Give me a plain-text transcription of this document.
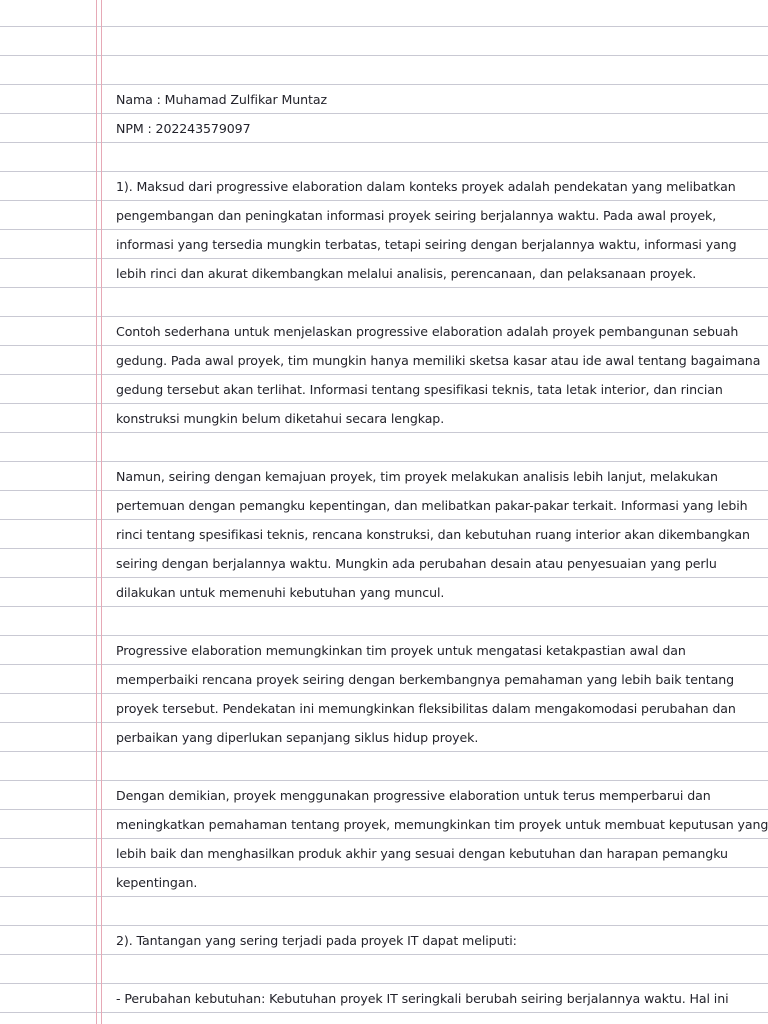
Nama : Muhamad Zulfikar Muntaz
NPM : 202243579097
1). Maksud dari progressive elaboration dalam konteks proyek adalah pendekatan yang melibatkan
pengembangan dan peningkatan informasi proyek seiring berjalannya waktu. Pada awal proyek,
informasi yang tersedia mungkin terbatas, tetapi seiring dengan berjalannya waktu, informasi yang
lebih rinci dan akurat dikembangkan melalui analisis, perencanaan, dan pelaksanaan proyek.
Contoh sederhana untuk menjelaskan progressive elaboration adalah proyek pembangunan sebuah
gedung. Pada awal proyek, tim mungkin hanya memiliki sketsa kasar atau ide awal tentang bagaimana
gedung tersebut akan terlihat. Informasi tentang spesifikasi teknis, tata letak interior, dan rincian
konstruksi mungkin belum diketahui secara lengkap.
Namun, seiring dengan kemajuan proyek, tim proyek melakukan analisis lebih lanjut, melakukan
pertemuan dengan pemangku kepentingan, dan melibatkan pakar-pakar terkait. Informasi yang lebih
rinci tentang spesifikasi teknis, rencana konstruksi, dan kebutuhan ruang interior akan dikembangkan
seiring dengan berjalannya waktu. Mungkin ada perubahan desain atau penyesuaian yang perlu
dilakukan untuk memenuhi kebutuhan yang muncul.
Progressive elaboration memungkinkan tim proyek untuk mengatasi ketakpastian awal dan
memperbaiki rencana proyek seiring dengan berkembangnya pemahaman yang lebih baik tentang
proyek tersebut. Pendekatan ini memungkinkan fleksibilitas dalam mengakomodasi perubahan dan
perbaikan yang diperlukan sepanjang siklus hidup proyek.
Dengan demikian, proyek menggunakan progressive elaboration untuk terus memperbarui dan
meningkatkan pemahaman tentang proyek, memungkinkan tim proyek untuk membuat keputusan yang
lebih baik dan menghasilkan produk akhir yang sesuai dengan kebutuhan dan harapan pemangku
kepentingan.
2). Tantangan yang sering terjadi pada proyek IT dapat meliputi:
- Perubahan kebutuhan: Kebutuhan proyek IT seringkali berubah seiring berjalannya waktu. Hal ini
